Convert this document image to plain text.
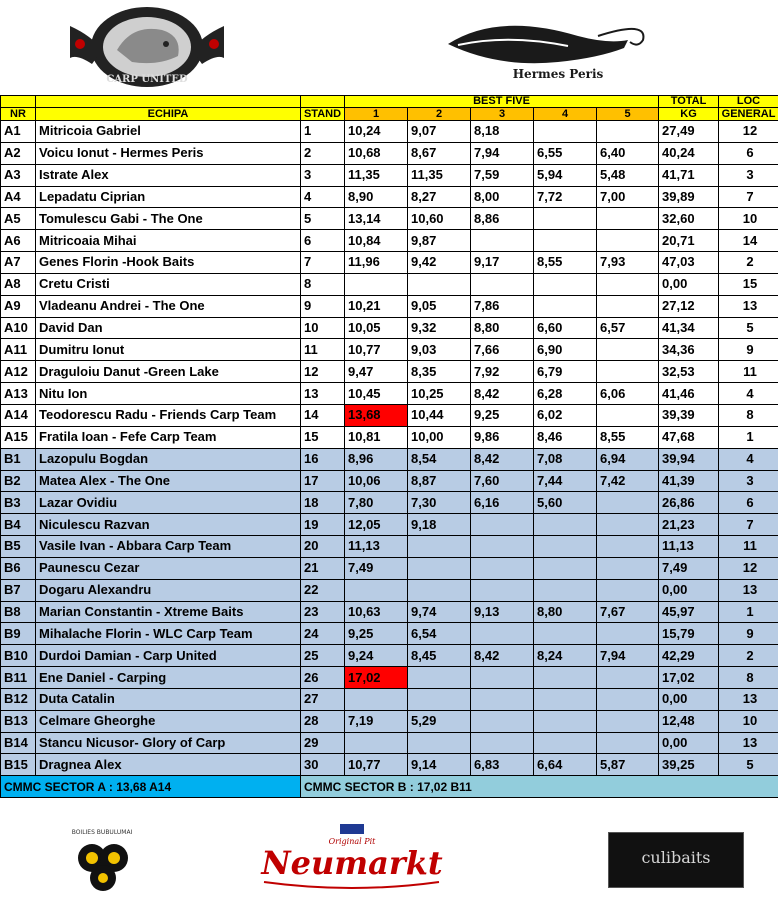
CARP UNITED	Hermes Peris
			BEST FIVE					TOTAL	LOC
NR	ECHIPA	STAND	1	2	3	4	5	KG	GENERAL
A1	Mitricoia Gabriel	1	10,24	9,07	8,18			27,49	12
A2	Voicu Ionut - Hermes Peris	2	10,68	8,67	7,94	6,55	6,40	40,24	6
A3	Istrate Alex	3	11,35	11,35	7,59	5,94	5,48	41,71	3
A4	Lepadatu Ciprian	4	8,90	8,27	8,00	7,72	7,00	39,89	7
A5	Tomulescu Gabi - The One	5	13,14	10,60	8,86			32,60	10
A6	Mitricoaia Mihai	6	10,84	9,87				20,71	14
A7	Genes Florin -Hook Baits	7	11,96	9,42	9,17	8,55	7,93	47,03	2
A8	Cretu Cristi	8						0,00	15
A9	Vladeanu Andrei - The One	9	10,21	9,05	7,86			27,12	13
A10	David Dan	10	10,05	9,32	8,80	6,60	6,57	41,34	5
A11	Dumitru Ionut	11	10,77	9,03	7,66	6,90		34,36	9
A12	Draguloiu Danut -Green Lake	12	9,47	8,35	7,92	6,79		32,53	11
A13	Nitu Ion	13	10,45	10,25	8,42	6,28	6,06	41,46	4
A14	Teodorescu Radu - Friends Carp Team	14	13,68	10,44	9,25	6,02		39,39	8
A15	Fratila Ioan - Fefe Carp Team	15	10,81	10,00	9,86	8,46	8,55	47,68	1
B1	Lazopulu Bogdan	16	8,96	8,54	8,42	7,08	6,94	39,94	4
B2	Matea Alex - The One	17	10,06	8,87	7,60	7,44	7,42	41,39	3
B3	Lazar Ovidiu	18	7,80	7,30	6,16	5,60		26,86	6
B4	Niculescu Razvan	19	12,05	9,18				21,23	7
B5	Vasile Ivan - Abbara Carp Team	20	11,13					11,13	11
B6	Paunescu Cezar	21	7,49					7,49	12
B7	Dogaru Alexandru	22						0,00	13
B8	Marian Constantin - Xtreme Baits	23	10,63	9,74	9,13	8,80	7,67	45,97	1
B9	Mihalache Florin - WLC Carp Team	24	9,25	6,54				15,79	9
B10	Durdoi Damian - Carp United	25	9,24	8,45	8,42	8,24	7,94	42,29	2
B11	Ene Daniel - Carping	26	17,02					17,02	8
B12	Duta Catalin	27						0,00	13
B13	Celmare Gheorghe	28	7,19	5,29				12,48	10
B14	Stancu Nicusor- Glory of Carp	29						0,00	13
B15	Dragnea Alex	30	10,77	9,14	6,83	6,64	5,87	39,25	5
CMMC SECTOR A : 13,68 A14		CMMC SECTOR B : 17,02 B11							
BOILIES BUBULUMAI
Original Pit
Neumarkt	culibaits
